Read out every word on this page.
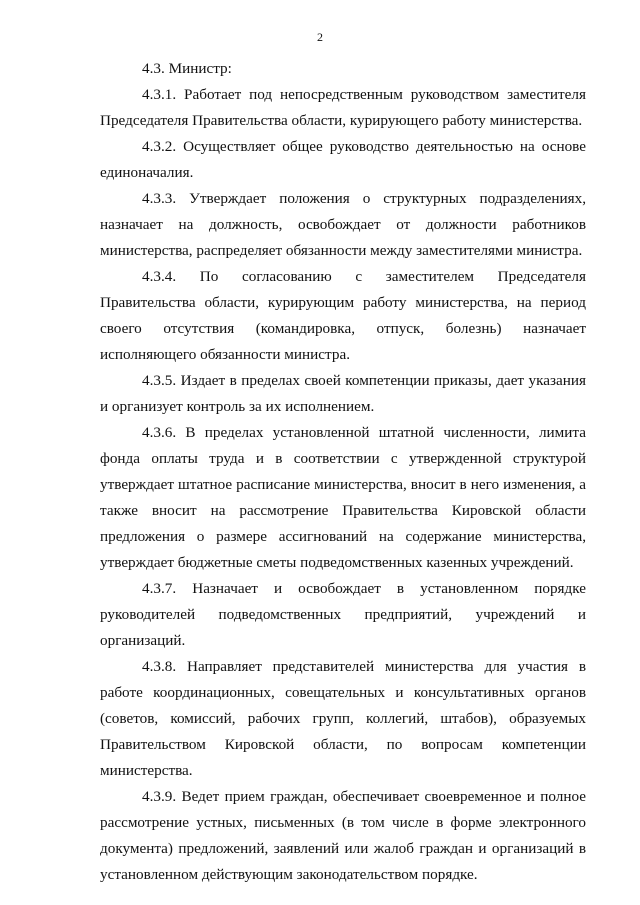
2

4.3. Министр:

4.3.1. Работает под непосредственным руководством заместителя Председателя Правительства области, курирующего работу министерства.

4.3.2. Осуществляет общее руководство деятельностью на основе единоначалия.

4.3.3. Утверждает положения о структурных подразделениях, назначает на должность, освобождает от должности работников министерства, распределяет обязанности между заместителями министра.

4.3.4. По согласованию с заместителем Председателя Правительства области, курирующим работу министерства, на период своего отсутствия (командировка, отпуск, болезнь) назначает исполняющего обязанности министра.

4.3.5. Издает в пределах своей компетенции приказы, дает указания и организует контроль за их исполнением.

4.3.6. В пределах установленной штатной численности, лимита фонда оплаты труда и в соответствии с утвержденной структурой утверждает штатное расписание министерства, вносит в него изменения, а также вносит на рассмотрение Правительства Кировской области предложения о размере ассигнований на содержание министерства, утверждает бюджетные сметы подведомственных казенных учреждений.

4.3.7. Назначает и освобождает в установленном порядке руководителей подведомственных предприятий, учреждений и организаций.

4.3.8. Направляет представителей министерства для участия в работе координационных, совещательных и консультативных органов (советов, комиссий, рабочих групп, коллегий, штабов), образуемых Правительством Кировской области, по вопросам компетенции министерства.

4.3.9. Ведет прием граждан, обеспечивает своевременное и полное рассмотрение устных, письменных (в том числе в форме электронного документа) предложений, заявлений или жалоб граждан и организаций в установленном действующим законодательством порядке.
